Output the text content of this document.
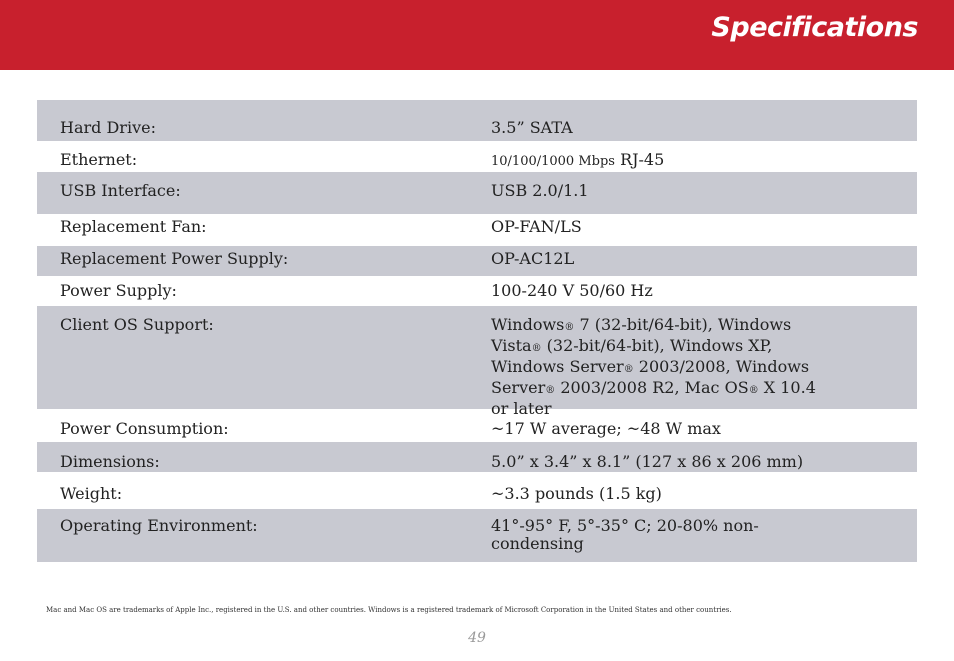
Specifications
Hard Drive:	3.5” SATA
Ethernet:	10/100/1000 Mbps RJ-45
USB Interface:	USB 2.0/1.1
Replacement Fan:	OP-FAN/LS
Replacement Power Supply:	OP-AC12L
Power Supply:	100-240 V 50/60 Hz
Client OS Support:	Windows® 7 (32-bit/64-bit), Windows Vista® (32-bit/64-bit), Windows XP, Windows Server® 2003/2008, Windows Server® 2003/2008 R2, Mac OS® X 10.4 or later
Power Consumption:	~17 W average; ~48 W max
Dimensions:	5.0” x 3.4” x 8.1” (127 x 86 x 206 mm)
Weight:	~3.3 pounds (1.5 kg)
Operating Environment:	41°-95° F, 5°-35° C; 20-80% non-condensing

Mac and Mac OS are trademarks of Apple Inc., registered in the U.S. and other countries. Windows is a registered trademark of Microsoft Corporation in the United States and other countries.

49
